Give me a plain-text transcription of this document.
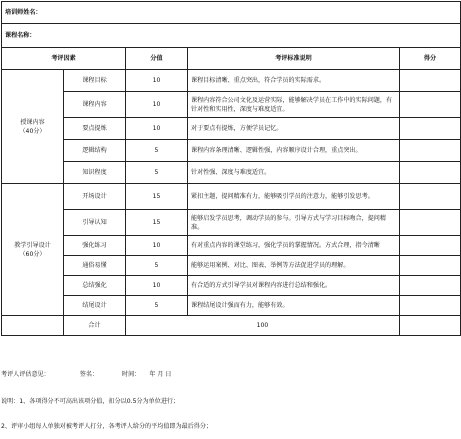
培训师姓名：				
课程名称：				
考评因素		分值	考评标准说明	得分

授课内容
（40分）	课程目标	10	课程目标清晰、重点突出，符合学员的实际需求。	
	课程内容	10	课程内容符合公司文化及运营实际，能够解决学员在工作中的实际问题，有针对性和实用性，深度与难度适宜。	
	要点提炼	10	对于要点有提炼，方便学员记忆。	
	逻辑结构	5	课程内容条理清晰、逻辑性强，内容顺序设计合理，重点突出。	
	知识程度	5	针对性强、深度与难度适宜。	

教学引导设计
（60分）	开场设计	15	紧扣主题，提问精准有力，能够吸引学员的注意力，能够引发思考。	
	引导认知	15	能够启发学员思考，调动学员的参与。引导方式与学习目标吻合，提问精准。	
	强化练习	10	有对重点内容的课堂练习，强化学员的掌握情况。方式合理，指令清晰	
	通俗易懂	5	能够运用案例、对比、图表、举例等方法促进学员的理解。	
	总结强化	10	有合适的方式引导学员对课程内容进行总结和强化。	
	结尾设计	5	课程结尾设计强而有力，能够有效。	
	合计	100		
考评人评估意见：	签名：	时间： 年 月 日
说明：1、各项得分不可高出该项分值，扣分以0.5分为单位进行；
2、评审小组每人单独对被考评人打分，各考评人给分的平均值即为最后得分；
